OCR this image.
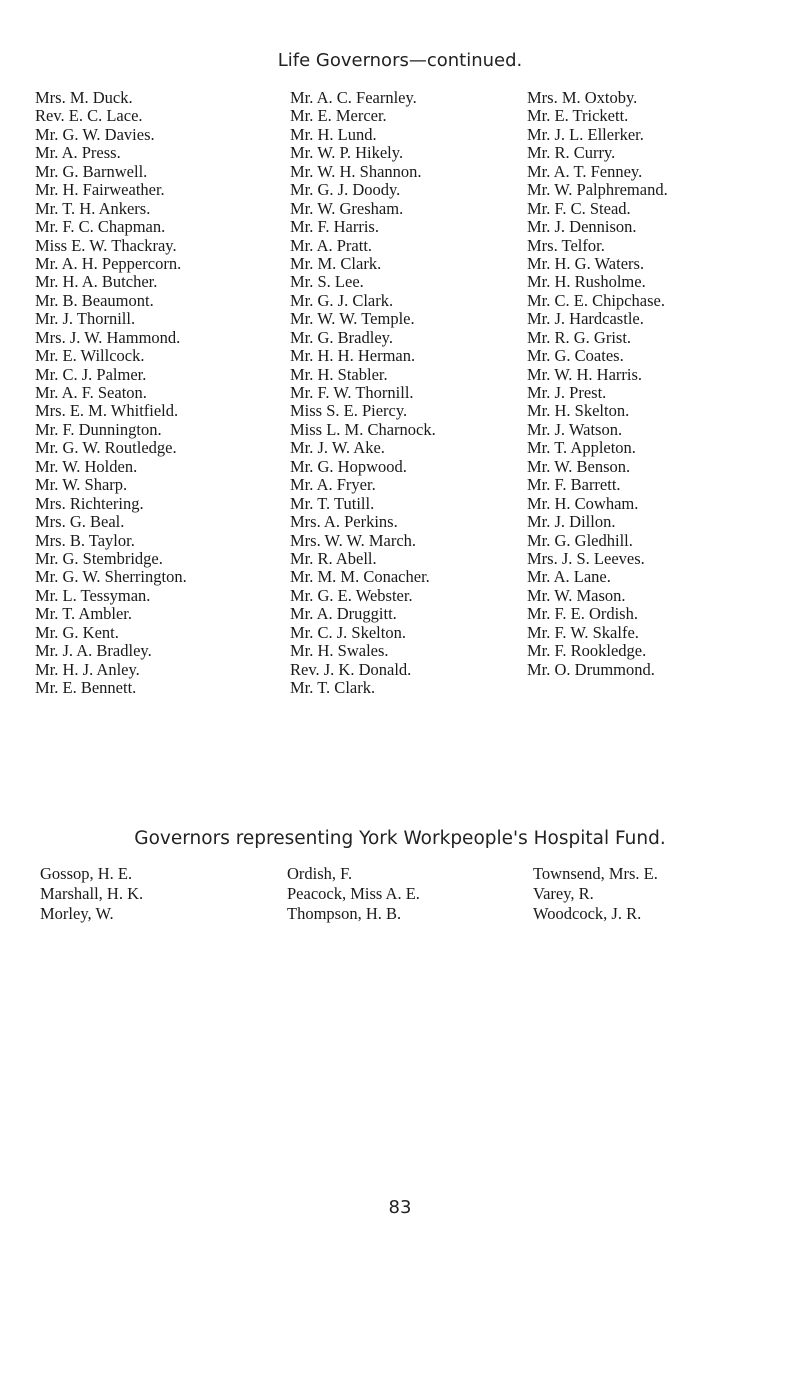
Life Governors—continued.
Mrs. M. Duck.
Rev. E. C. Lace.
Mr. G. W. Davies.
Mr. A. Press.
Mr. G. Barnwell.
Mr. H. Fairweather.
Mr. T. H. Ankers.
Mr. F. C. Chapman.
Miss E. W. Thackray.
Mr. A. H. Peppercorn.
Mr. H. A. Butcher.
Mr. B. Beaumont.
Mr. J. Thornill.
Mrs. J. W. Hammond.
Mr. E. Willcock.
Mr. C. J. Palmer.
Mr. A. F. Seaton.
Mrs. E. M. Whitfield.
Mr. F. Dunnington.
Mr. G. W. Routledge.
Mr. W. Holden.
Mr. W. Sharp.
Mrs. Richtering.
Mrs. G. Beal.
Mrs. B. Taylor.
Mr. G. Stembridge.
Mr. G. W. Sherrington.
Mr. L. Tessyman.
Mr. T. Ambler.
Mr. G. Kent.
Mr. J. A. Bradley.
Mr. H. J. Anley.
Mr. E. Bennett.
Mr. A. C. Fearnley.
Mr. E. Mercer.
Mr. H. Lund.
Mr. W. P. Hikely.
Mr. W. H. Shannon.
Mr. G. J. Doody.
Mr. W. Gresham.
Mr. F. Harris.
Mr. A. Pratt.
Mr. M. Clark.
Mr. S. Lee.
Mr. G. J. Clark.
Mr. W. W. Temple.
Mr. G. Bradley.
Mr. H. H. Herman.
Mr. H. Stabler.
Mr. F. W. Thornill.
Miss S. E. Piercy.
Miss L. M. Charnock.
Mr. J. W. Ake.
Mr. G. Hopwood.
Mr. A. Fryer.
Mr. T. Tutill.
Mrs. A. Perkins.
Mrs. W. W. March.
Mr. R. Abell.
Mr. M. M. Conacher.
Mr. G. E. Webster.
Mr. A. Druggitt.
Mr. C. J. Skelton.
Mr. H. Swales.
Rev. J. K. Donald.
Mr. T. Clark.
Mrs. M. Oxtoby.
Mr. E. Trickett.
Mr. J. L. Ellerker.
Mr. R. Curry.
Mr. A. T. Fenney.
Mr. W. Palphremand.
Mr. F. C. Stead.
Mr. J. Dennison.
Mrs. Telfor.
Mr. H. G. Waters.
Mr. H. Rusholme.
Mr. C. E. Chipchase.
Mr. J. Hardcastle.
Mr. R. G. Grist.
Mr. G. Coates.
Mr. W. H. Harris.
Mr. J. Prest.
Mr. H. Skelton.
Mr. J. Watson.
Mr. T. Appleton.
Mr. W. Benson.
Mr. F. Barrett.
Mr. H. Cowham.
Mr. J. Dillon.
Mr. G. Gledhill.
Mrs. J. S. Leeves.
Mr. A. Lane.
Mr. W. Mason.
Mr. F. E. Ordish.
Mr. F. W. Skalfe.
Mr. F. Rookledge.
Mr. O. Drummond.
Governors representing York Workpeople's Hospital Fund.
Gossop, H. E.
Marshall, H. K.
Morley, W.
Ordish, F.
Peacock, Miss A. E.
Thompson, H. B.
Townsend, Mrs. E.
Varey, R.
Woodcock, J. R.
83
